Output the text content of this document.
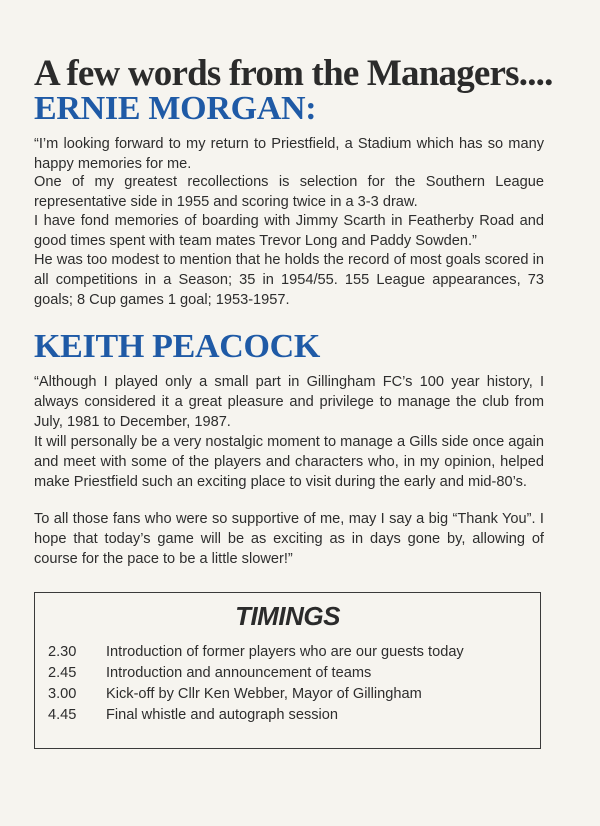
A few words from the Managers....
ERNIE MORGAN:

“I’m looking forward to my return to Priestfield, a Stadium which has so many happy memories for me.

One of my greatest recollections is selection for the Southern League representative side in 1955 and scoring twice in a 3-3 draw.

I have fond memories of boarding with Jimmy Scarth in Featherby Road and good times spent with team mates Trevor Long and Paddy Sowden.”

He was too modest to mention that he holds the record of most goals scored in all competitions in a Season; 35 in 1954/55. 155 League appearances, 73 goals; 8 Cup games 1 goal; 1953-1957.

KEITH PEACOCK

“Although I played only a small part in Gillingham FC’s 100 year history, I always considered it a great pleasure and privilege to manage the club from July, 1981 to December, 1987.

It will personally be a very nostalgic moment to manage a Gills side once again and meet with some of the players and characters who, in my opinion, helped make Priestfield such an exciting place to visit during the early and mid-80’s.

To all those fans who were so supportive of me, may I say a big “Thank You”. I hope that today’s game will be as exciting as in days gone by, allowing of course for the pace to be a little slower!”

TIMINGS
2.30 Introduction of former players who are our guests today
2.45 Introduction and announcement of teams
3.00 Kick-off by Cllr Ken Webber, Mayor of Gillingham
4.45 Final whistle and autograph session
